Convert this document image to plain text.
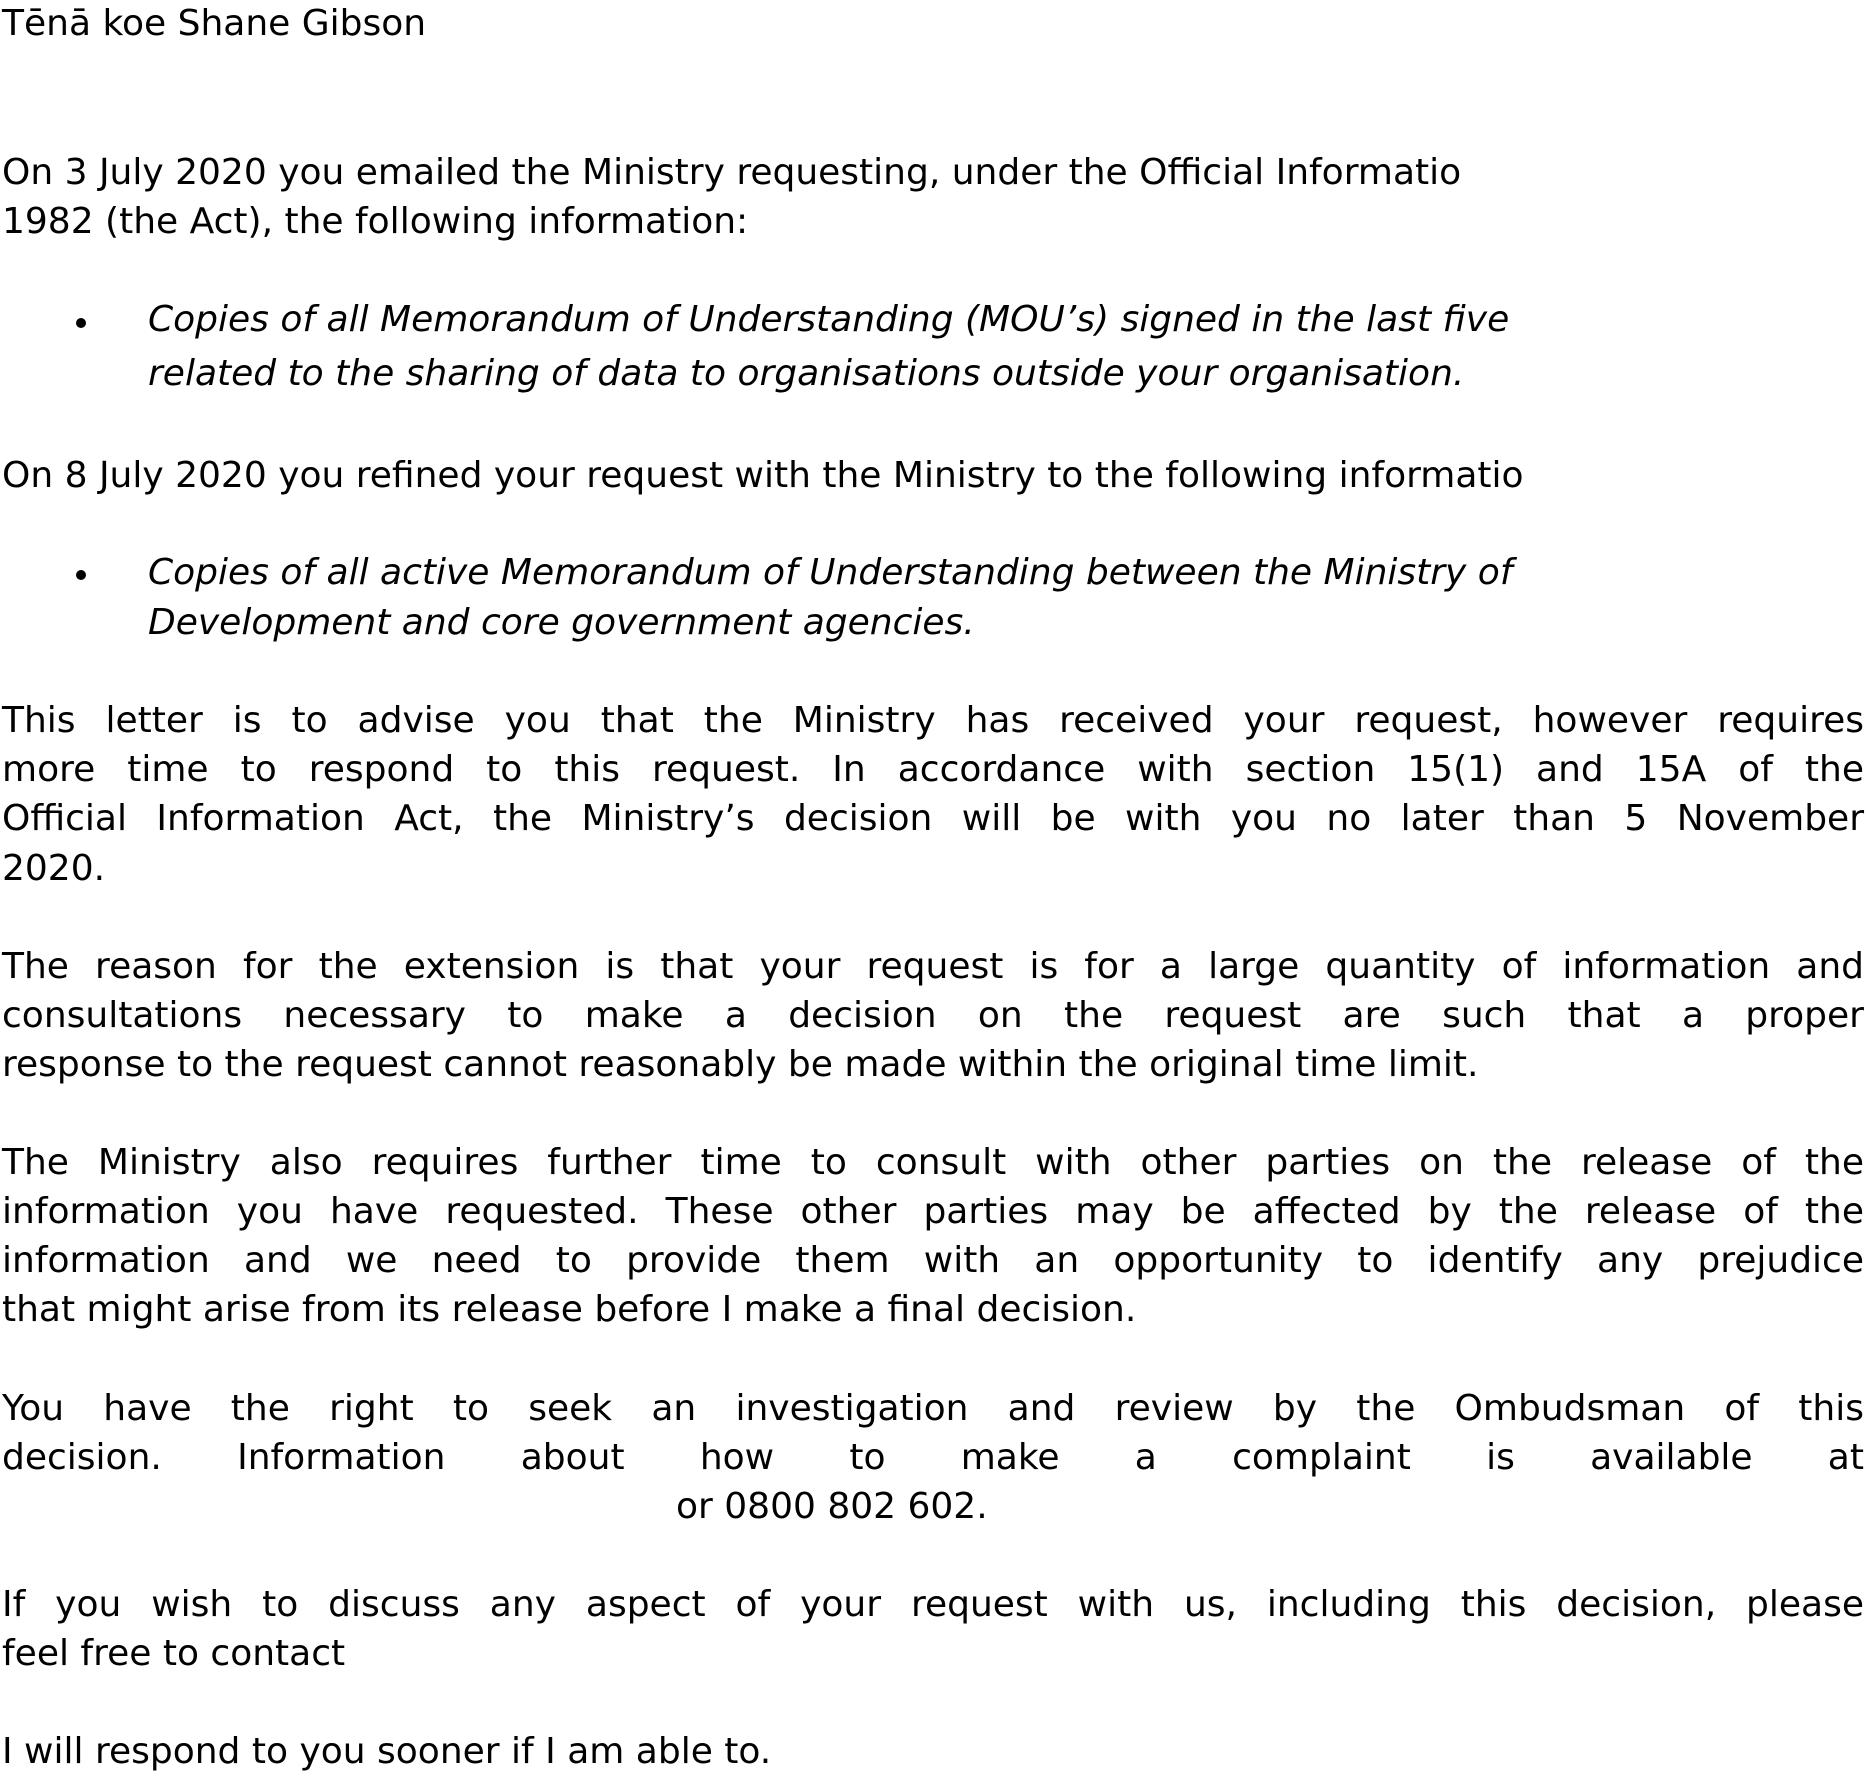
Tēnā koe Shane Gibson

On 3 July 2020 you emailed the Ministry requesting, under the Official Informatio

1982 (the Act), the following information:

Copies of all Memorandum of Understanding (MOU’s) signed in the last five

related to the sharing of data to organisations outside your organisation.

On 8 July 2020 you refined your request with the Ministry to the following informatio

Copies of all active Memorandum of Understanding between the Ministry of

Development and core government agencies.

This letter is to advise you that the Ministry has received your request, however requires

more time to respond to this request. In accordance with section 15(1) and 15A of the

Official Information Act, the Ministry’s decision will be with you no later than 5 November

2020.

The reason for the extension is that your request is for a large quantity of information and

consultations necessary to make a decision on the request are such that a proper

response to the request cannot reasonably be made within the original time limit.

The Ministry also requires further time to consult with other parties on the release of the

information you have requested. These other parties may be affected by the release of the

information and we need to provide them with an opportunity to identify any prejudice

that might arise from its release before I make a final decision.

You have the right to seek an investigation and review by the Ombudsman of this

decision. Information about how to make a complaint is available at

or 0800 802 602.

If you wish to discuss any aspect of your request with us, including this decision, please

feel free to contact

I will respond to you sooner if I am able to.
